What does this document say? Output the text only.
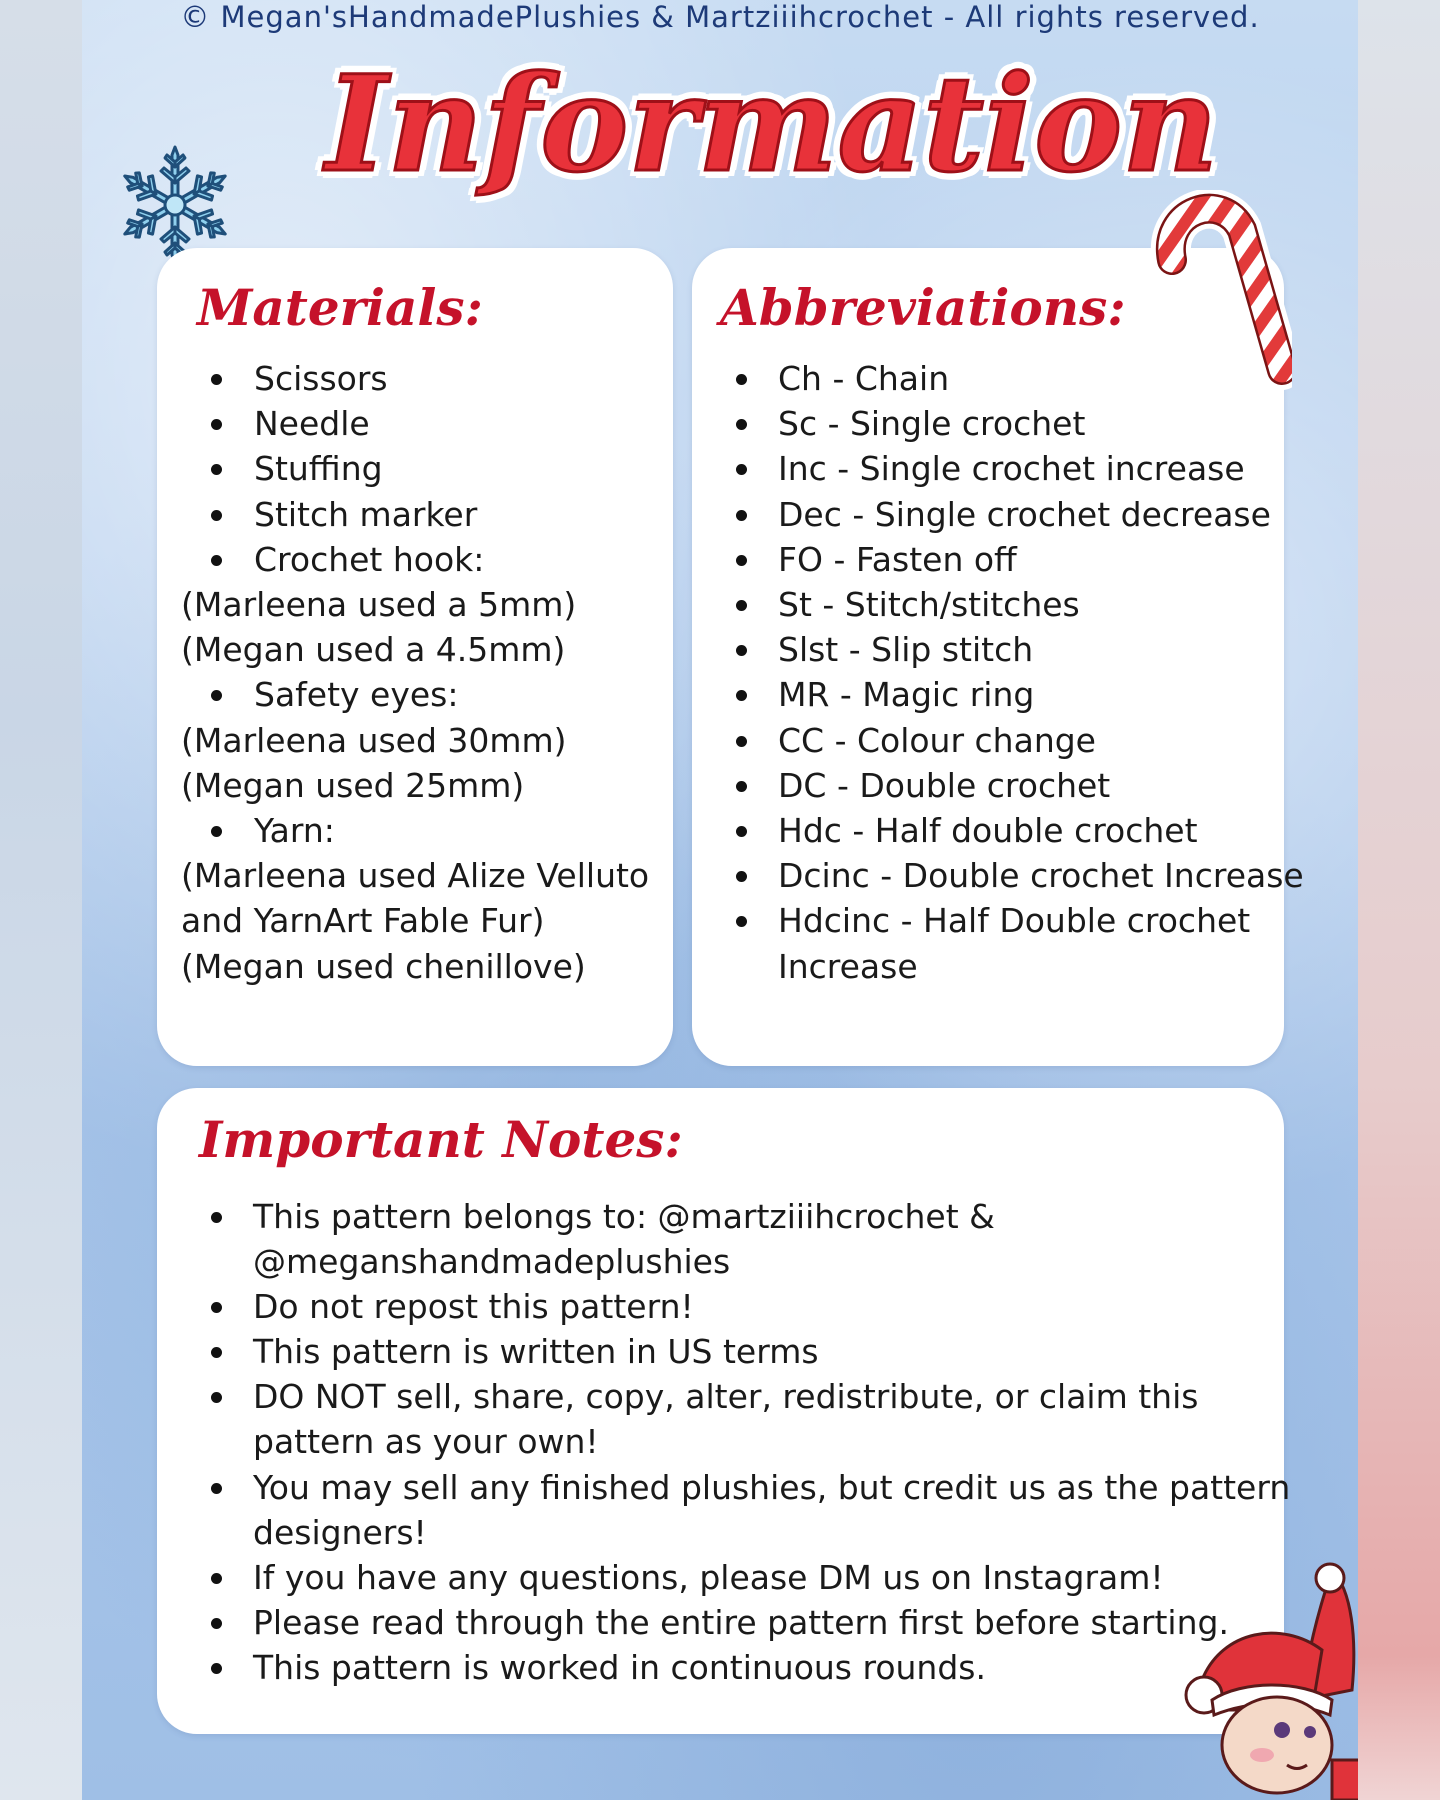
© Megan'sHandmadePlushies & Martziiihcrochet - All rights reserved.
Information
Materials:
Scissors
Needle
Stuffing
Stitch marker
Crochet hook:
(Marleena used a 5mm)
(Megan used a 4.5mm)
Safety eyes:
(Marleena used 30mm)
(Megan used 25mm)
Yarn:
(Marleena used Alize Velluto
and YarnArt Fable Fur)
(Megan used chenillove)
Abbreviations:
Ch - Chain
Sc - Single crochet
Inc - Single crochet increase
Dec - Single crochet decrease
FO - Fasten off
St - Stitch/stitches
Slst - Slip stitch
MR - Magic ring
CC - Colour change
DC - Double crochet
Hdc - Half double crochet
Dcinc - Double crochet Increase
Hdcinc - Half Double crochet
Increase
Important Notes:
This pattern belongs to: @martziiihcrochet &
@meganshandmadeplushies
Do not repost this pattern!
This pattern is written in US terms
DO NOT sell, share, copy, alter, redistribute, or claim this
pattern as your own!
You may sell any finished plushies, but credit us as the pattern
designers!
If you have any questions, please DM us on Instagram!
Please read through the entire pattern first before starting.
This pattern is worked in continuous rounds.
